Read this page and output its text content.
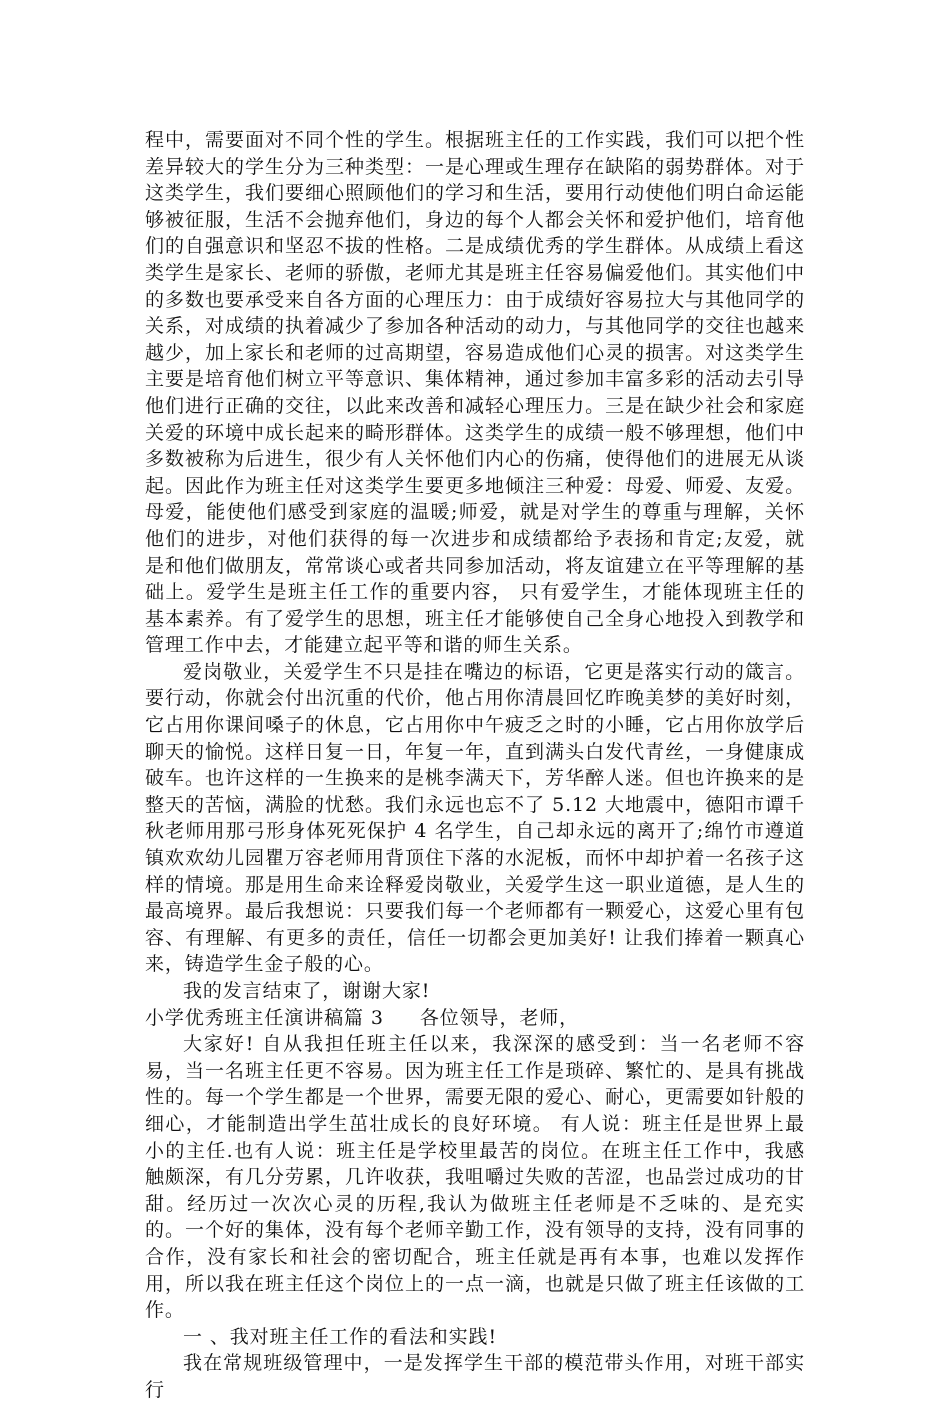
程中，需要面对不同个性的学生。根据班主任的工作实践，我们可以把个性差异较大的学生分为三种类型：一是心理或生理存在缺陷的弱势群体。对于这类学生，我们要细心照顾他们的学习和生活，要用行动使他们明白命运能够被征服，生活不会抛弃他们，身边的每个人都会关怀和爱护他们，培育他们的自强意识和坚忍不拔的性格。二是成绩优秀的学生群体。从成绩上看这类学生是家长、老师的骄傲，老师尤其是班主任容易偏爱他们。其实他们中的多数也要承受来自各方面的心理压力：由于成绩好容易拉大与其他同学的关系，对成绩的执着减少了参加各种活动的动力，与其他同学的交往也越来越少，加上家长和老师的过高期望，容易造成他们心灵的损害。对这类学生主要是培育他们树立平等意识、集体精神，通过参加丰富多彩的活动去引导他们进行正确的交往，以此来改善和减轻心理压力。三是在缺少社会和家庭关爱的环境中成长起来的畸形群体。这类学生的成绩一般不够理想，他们中多数被称为后进生，很少有人关怀他们内心的伤痛，使得他们的进展无从谈起。因此作为班主任对这类学生要更多地倾注三种爱：母爱、师爱、友爱。母爱，能使他们感受到家庭的温暖;师爱，就是对学生的尊重与理解，关怀他们的进步，对他们获得的每一次进步和成绩都给予表扬和肯定;友爱，就是和他们做朋友，常常谈心或者共同参加活动，将友谊建立在平等理解的基础上。爱学生是班主任工作的重要内容， 只有爱学生，才能体现班主任的基本素养。有了爱学生的思想，班主任才能够使自己全身心地投入到教学和管理工作中去，才能建立起平等和谐的师生关系。

爱岗敬业，关爱学生不只是挂在嘴边的标语，它更是落实行动的箴言。要行动，你就会付出沉重的代价，他占用你清晨回忆昨晚美梦的美好时刻，它占用你课间嗓子的休息，它占用你中午疲乏之时的小睡，它占用你放学后聊天的愉悦。这样日复一日，年复一年，直到满头白发代青丝，一身健康成破车。也许这样的一生换来的是桃李满天下，芳华醉人迷。但也许换来的是整天的苦恼，满脸的忧愁。我们永远也忘不了 5.12 大地震中，德阳市谭千秋老师用那弓形身体死死保护 4 名学生，自己却永远的离开了;绵竹市遵道镇欢欢幼儿园瞿万容老师用背顶住下落的水泥板，而怀中却护着一名孩子这样的情境。那是用生命来诠释爱岗敬业，关爱学生这一职业道德，是人生的最高境界。最后我想说：只要我们每一个老师都有一颗爱心，这爱心里有包容、有理解、有更多的责任，信任一切都会更加美好! 让我们捧着一颗真心来，铸造学生金子般的心。

我的发言结束了，谢谢大家!

小学优秀班主任演讲稿篇 3 各位领导，老师，

大家好! 自从我担任班主任以来，我深深的感受到：当一名老师不容易，当一名班主任更不容易。因为班主任工作是琐碎、繁忙的、是具有挑战性的。每一个学生都是一个世界，需要无限的爱心、耐心，更需要如针般的细心，才能制造出学生茁壮成长的良好环境。 有人说：班主任是世界上最小的主任.也有人说：班主任是学校里最苦的岗位。在班主任工作中，我感触颇深，有几分劳累，几许收获，我咀嚼过失败的苦涩，也品尝过成功的甘甜。经历过一次次心灵的历程,我认为做班主任老师是不乏味的、是充实的。一个好的集体，没有每个老师辛勤工作，没有领导的支持，没有同事的合作，没有家长和社会的密切配合，班主任就是再有本事，也难以发挥作用，所以我在班主任这个岗位上的一点一滴，也就是只做了班主任该做的工作。

一 、我对班主任工作的看法和实践!

我在常规班级管理中，一是发挥学生干部的模范带头作用，对班干部实行
